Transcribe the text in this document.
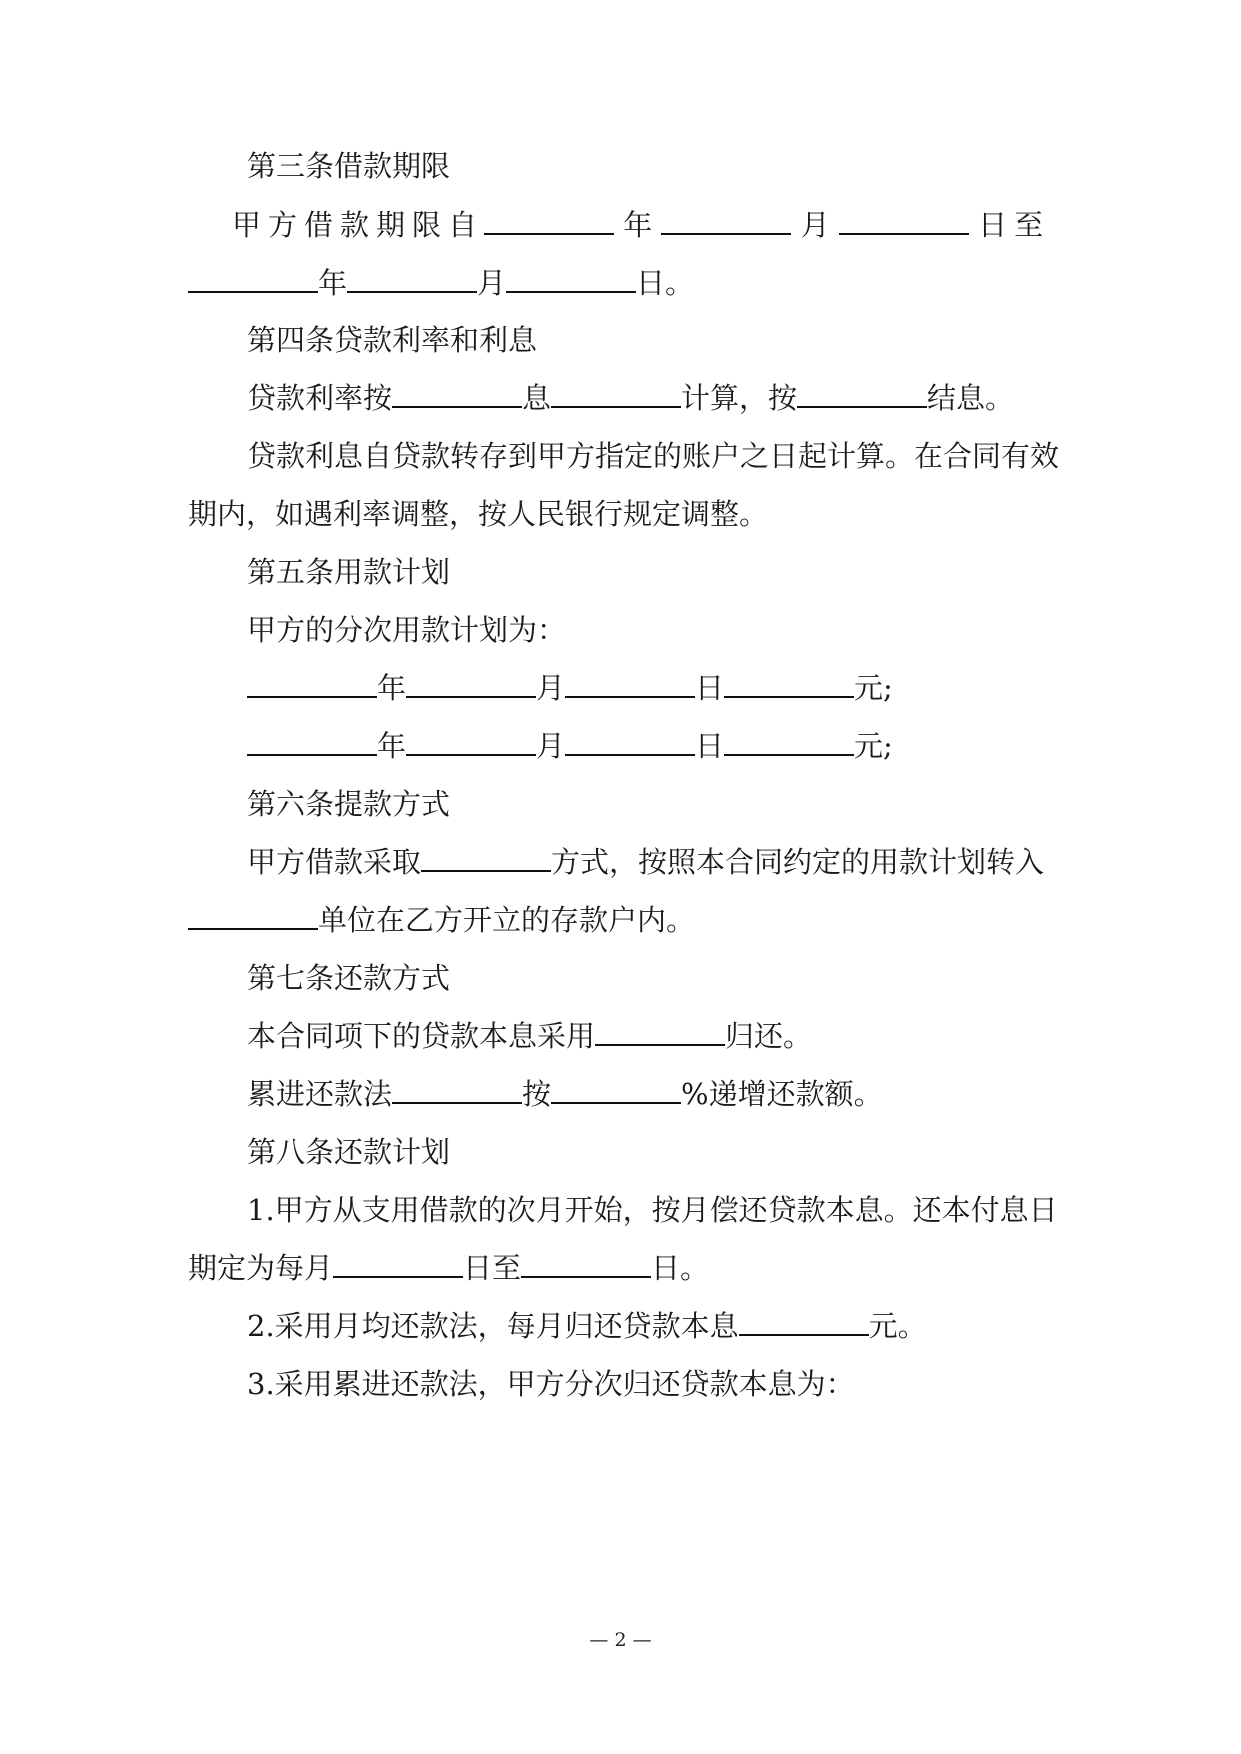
第三条借款期限
甲方借款期限自	年	月	日至
年	月	日。
第四条贷款利率和利息
贷款利率按	息	计算，按	结息。
贷款利息自贷款转存到甲方指定的账户之日起计算。在合同有效
期内，如遇利率调整，按人民银行规定调整。
第五条用款计划
甲方的分次用款计划为：
年	月	日	元;
年	月	日	元;
第六条提款方式
甲方借款采取	方式，按照本合同约定的用款计划转入
单位在乙方开立的存款户内。
第七条还款方式
本合同项下的贷款本息采用	归还。
累进还款法	按	%递增还款额。
第八条还款计划
1.甲方从支用借款的次月开始，按月偿还贷款本息。还本付息日
期定为每月	日至	日。
2.采用月均还款法，每月归还贷款本息	元。
3.采用累进还款法，甲方分次归还贷款本息为：
— 2 —
